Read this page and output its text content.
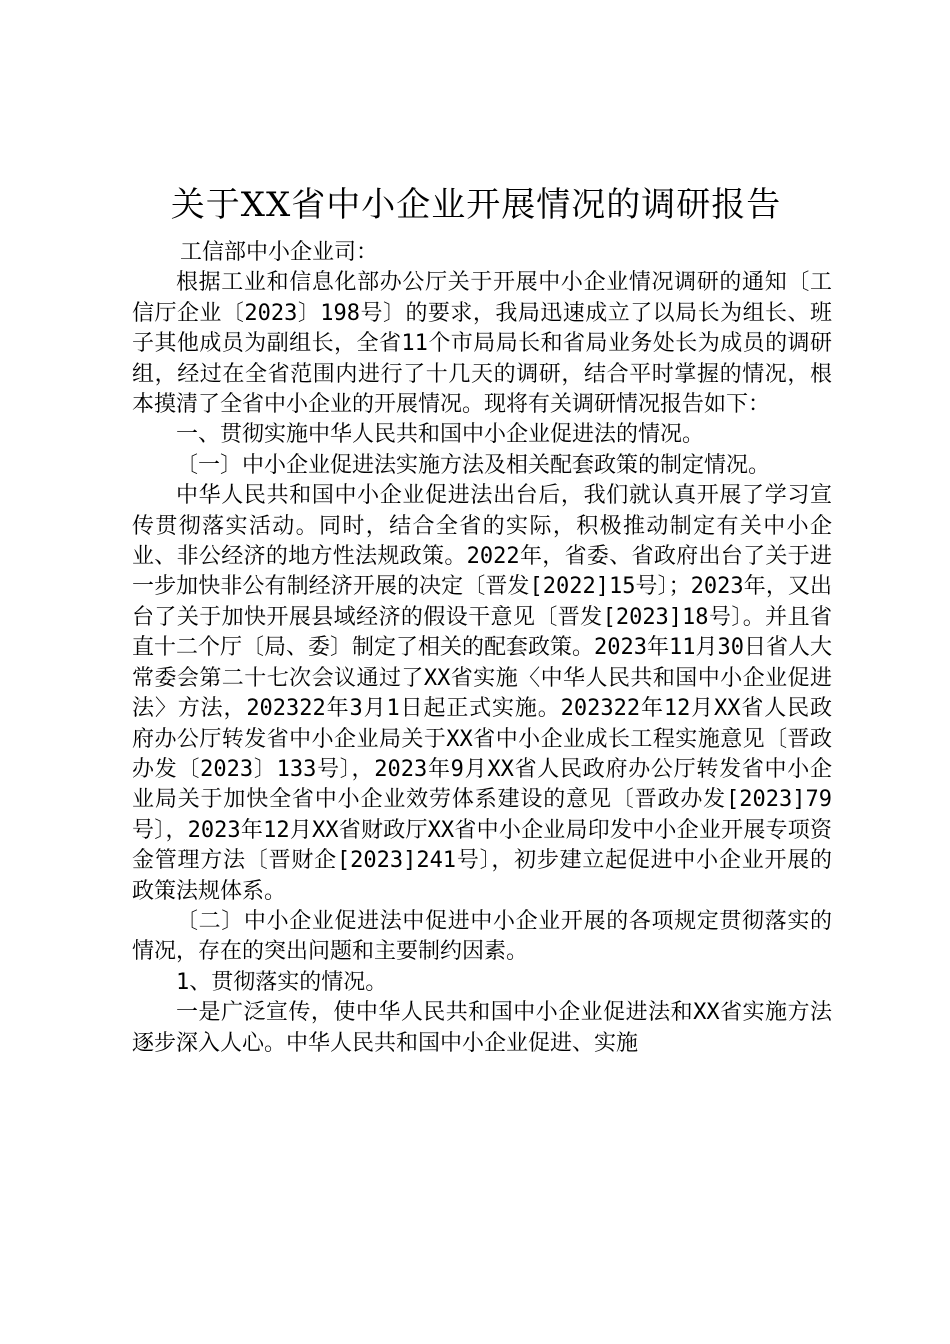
关于XX省中小企业开展情况的调研报告

工信部中小企业司：

根据工业和信息化部办公厅关于开展中小企业情况调研的通知〔工信厅企业〔2023〕198号〕的要求，我局迅速成立了以局长为组长、班子其他成员为副组长，全省11个市局局长和省局业务处长为成员的调研组，经过在全省范围内进行了十几天的调研，结合平时掌握的情况，根本摸清了全省中小企业的开展情况。现将有关调研情况报告如下：

一、贯彻实施中华人民共和国中小企业促进法的情况。

〔一〕中小企业促进法实施方法及相关配套政策的制定情况。

中华人民共和国中小企业促进法出台后，我们就认真开展了学习宣传贯彻落实活动。同时，结合全省的实际，积极推动制定有关中小企业、非公经济的地方性法规政策。2022年，省委、省政府出台了关于进一步加快非公有制经济开展的决定〔晋发[2022]15号〕；2023年，又出台了关于加快开展县域经济的假设干意见〔晋发[2023]18号〕。并且省直十二个厅〔局、委〕制定了相关的配套政策。2023年11月30日省人大常委会第二十七次会议通过了XX省实施〈中华人民共和国中小企业促进法〉方法，202322年3月1日起正式实施。202322年12月XX省人民政府办公厅转发省中小企业局关于XX省中小企业成长工程实施意见〔晋政办发〔2023〕133号〕，2023年9月XX省人民政府办公厅转发省中小企业局关于加快全省中小企业效劳体系建设的意见〔晋政办发[2023]79号〕，2023年12月XX省财政厅XX省中小企业局印发中小企业开展专项资金管理方法〔晋财企[2023]241号〕，初步建立起促进中小企业开展的政策法规体系。

〔二〕中小企业促进法中促进中小企业开展的各项规定贯彻落实的情况，存在的突出问题和主要制约因素。

1、贯彻落实的情况。

一是广泛宣传，使中华人民共和国中小企业促进法和XX省实施方法逐步深入人心。中华人民共和国中小企业促进、实施
